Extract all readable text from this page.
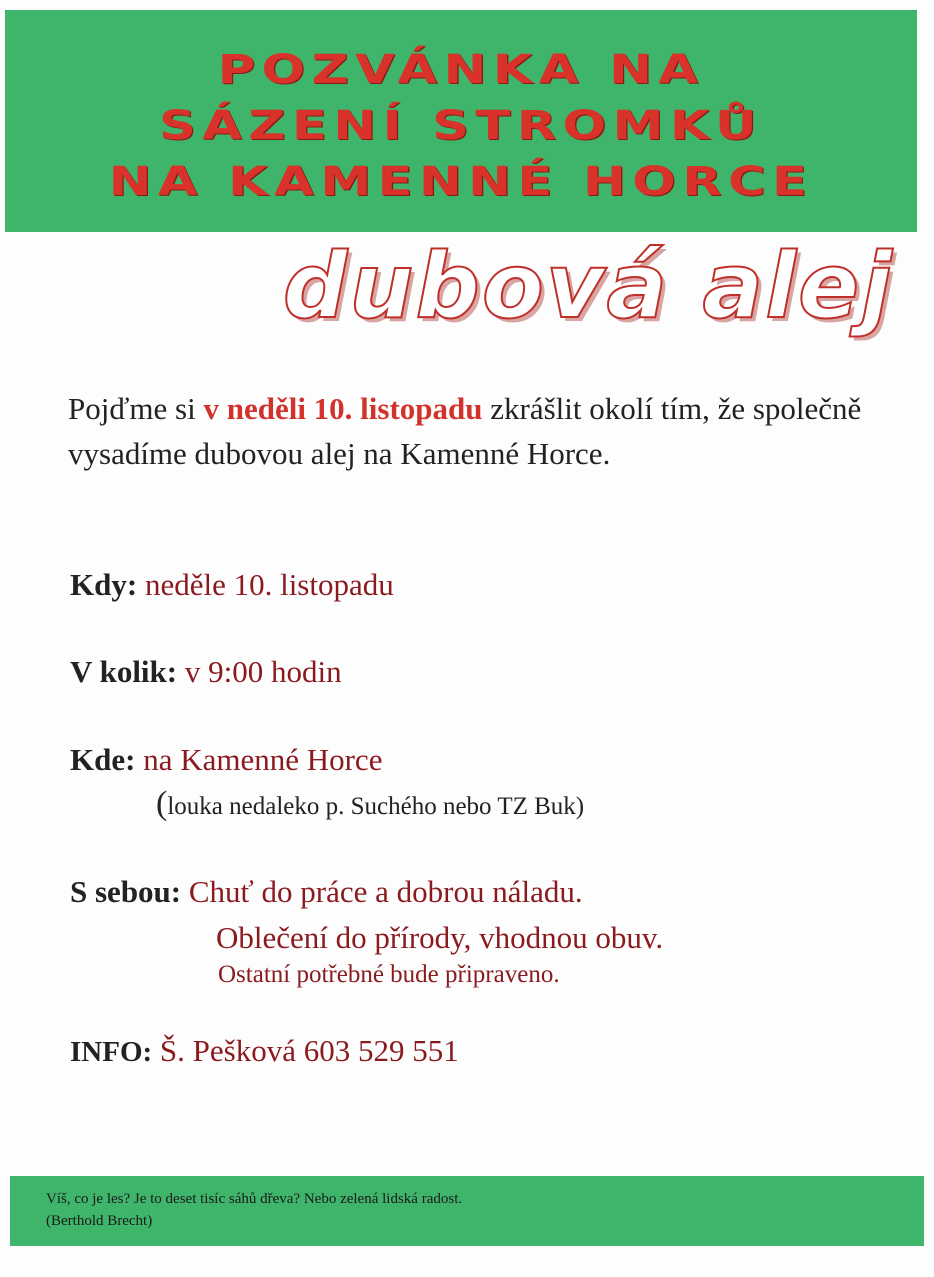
POZVÁNKA NA
SÁZENÍ STROMKŮ
NA KAMENNÉ HORCE
dubová alej
Pojďme si v neděli 10. listopadu zkrášlit okolí tím, že společně vysadíme dubovou alej na Kamenné Horce.
Kdy: neděle 10. listopadu
V kolik: v 9:00 hodin
Kde: na Kamenné Horce
(louka nedaleko p. Suchého nebo TZ Buk)
S sebou: Chuť do práce a dobrou náladu.
Oblečení do přírody, vhodnou obuv.
Ostatní potřebné bude připraveno.
INFO: Š. Pešková 603 529 551
Víš, co je les? Je to deset tisíc sáhů dřeva? Nebo zelená lidská radost.
(Berthold Brecht)
